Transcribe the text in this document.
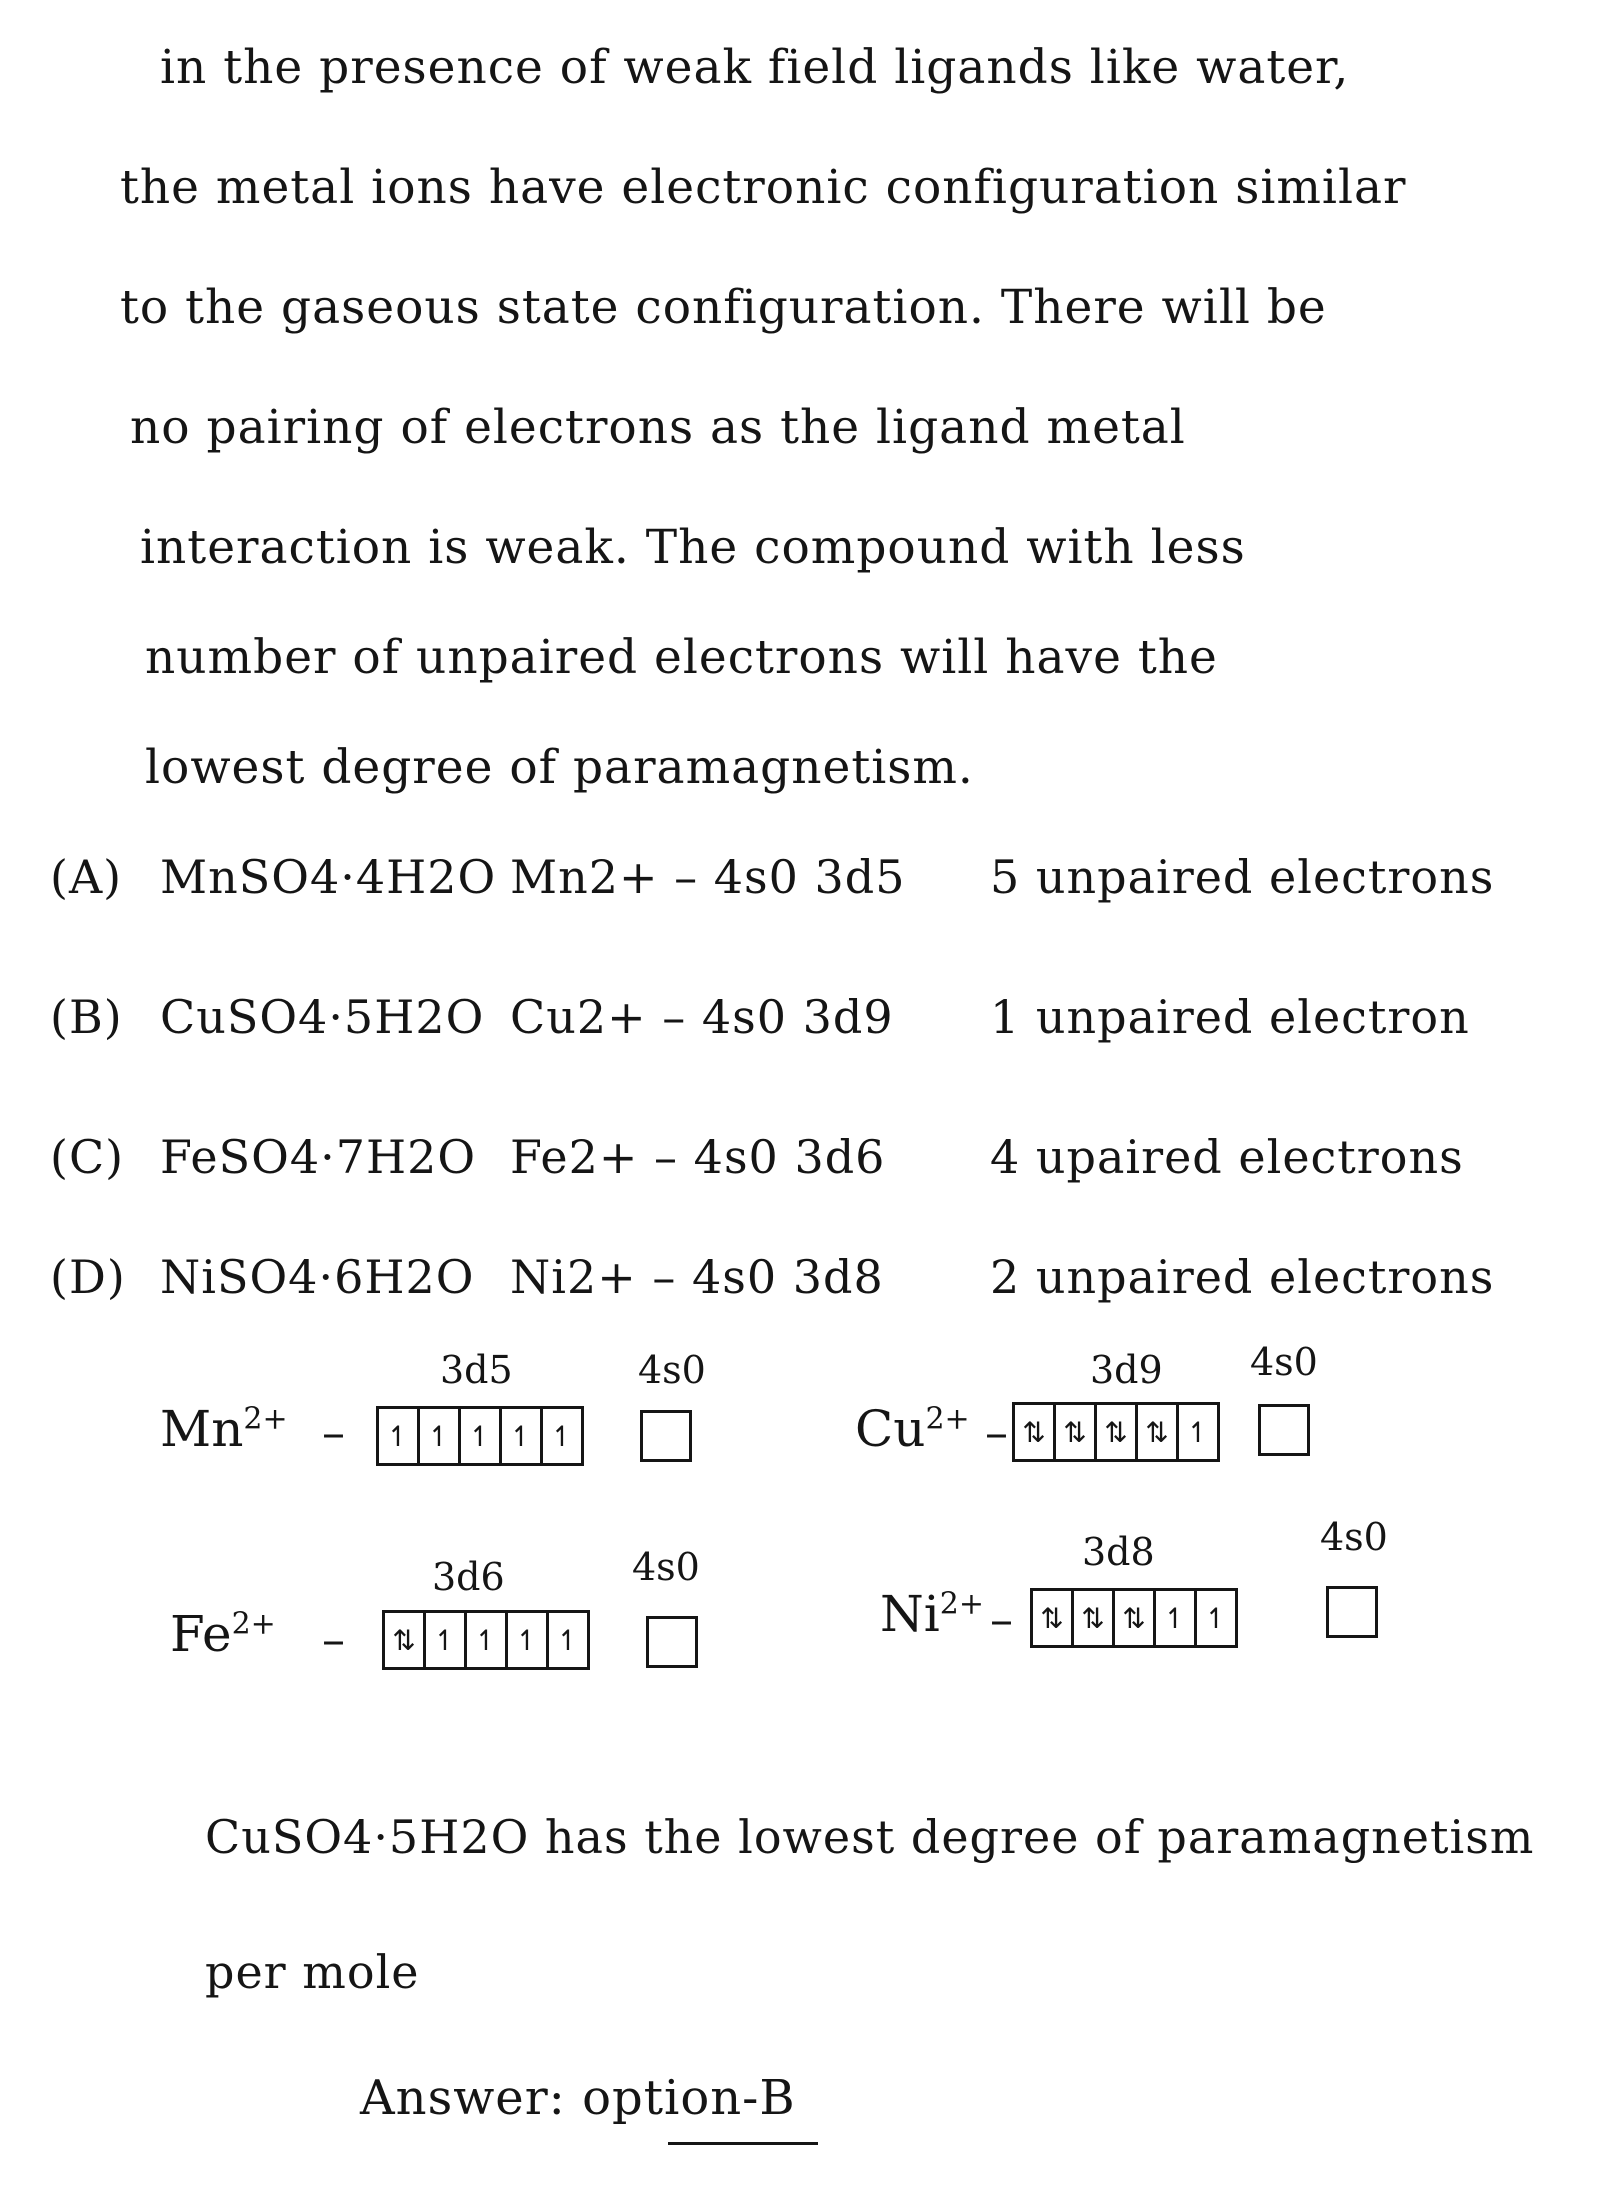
in the presence of weak field ligands like water,
the metal ions have electronic configuration similar
to the gaseous state configuration. There will be
no pairing of electrons as the ligand metal
interaction is weak. The compound with less
number of unpaired electrons will have the
lowest degree of paramagnetism.
(A) MnSO4·4H2O Mn2+ – 4s0 3d5 5 unpaired electrons
(B) CuSO4·5H2O Cu2+ – 4s0 3d9 1 unpaired electron
(C) FeSO4·7H2O Fe2+ – 4s0 3d6 4 upaired electrons
(D) NiSO4·6H2O Ni2+ – 4s0 3d8 2 unpaired electrons
$Mn^{2+}$ –
3d5	4s0
↿ ↿ ↿ ↿ ↿	$Cu^{2+}$ –
3d9 4s0
⇅ ⇅ ⇅ ⇅ ↿
$Fe^{2+}$ –
3d6	4s0
⇅ ↿ ↿ ↿ ↿	$Ni^{2+}$ –
3d8	4s0
⇅ ⇅ ⇅ ↿ ↿
CuSO4·5H2O has the lowest degree of paramagnetism
per mole
Answer: option-B
